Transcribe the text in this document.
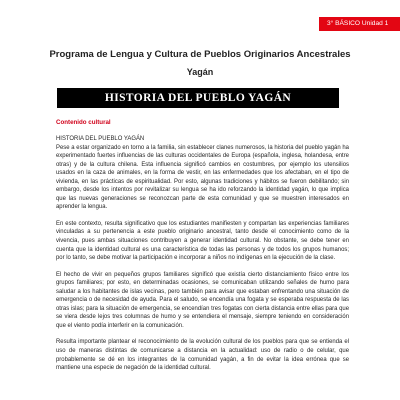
3° BÁSICO Unidad 1
Programa de Lengua y Cultura de Pueblos Originarios Ancestrales
Yagán
HISTORIA DEL PUEBLO YAGÁN
Contenido cultural
HISTORIA DEL PUEBLO YAGÁN

Pese a estar organizado en torno a la familia, sin establecer clanes numerosos, la historia del pueblo yagán ha experimentado fuertes influencias de las culturas occidentales de Europa (española, inglesa, holandesa, entre otras) y de la cultura chilena. Esta influencia significó cambios en costumbres, por ejemplo los utensilios usados en la caza de animales, en la forma de vestir, en las enfermedades que los afectaban, en el tipo de vivienda, en las prácticas de espiritualidad. Por esto, algunas tradiciones y hábitos se fueron debilitando; sin embargo, desde los intentos por revitalizar su lengua se ha ido reforzando la identidad yagán, lo que implica que las nuevas generaciones se reconozcan parte de esta comunidad y que se muestren interesados en aprender la lengua.

En este contexto, resulta significativo que los estudiantes manifiesten y compartan las experiencias familiares vinculadas a su pertenencia a este pueblo originario ancestral, tanto desde el conocimiento como de la vivencia, pues ambas situaciones contribuyen a generar identidad cultural. No obstante, se debe tener en cuenta que la identidad cultural es una característica de todas las personas y de todos los grupos humanos; por lo tanto, se debe motivar la participación e incorporar a niños no indígenas en la ejecución de la clase.

El hecho de vivir en pequeños grupos familiares significó que existía cierto distanciamiento físico entre los grupos familiares; por esto, en determinadas ocasiones, se comunicaban utilizando señales de humo para saludar a los habitantes de islas vecinas, pero también para avisar que estaban enfrentando una situación de emergencia o de necesidad de ayuda. Para el saludo, se encendía una fogata y se esperaba respuesta de las otras islas; para la situación de emergencia, se encendían tres fogatas con cierta distancia entre ellas para que se viera desde lejos tres columnas de humo y se entendiera el mensaje, siempre teniendo en consideración que el viento podía interferir en la comunicación.

Resulta importante plantear el reconocimiento de la evolución cultural de los pueblos para que se entienda el uso de maneras distintas de comunicarse a distancia en la actualidad: uso de radio o de celular, que probablemente se dé en los integrantes de la comunidad yagán, a fin de evitar la idea errónea que se mantiene una especie de negación de la identidad cultural.
